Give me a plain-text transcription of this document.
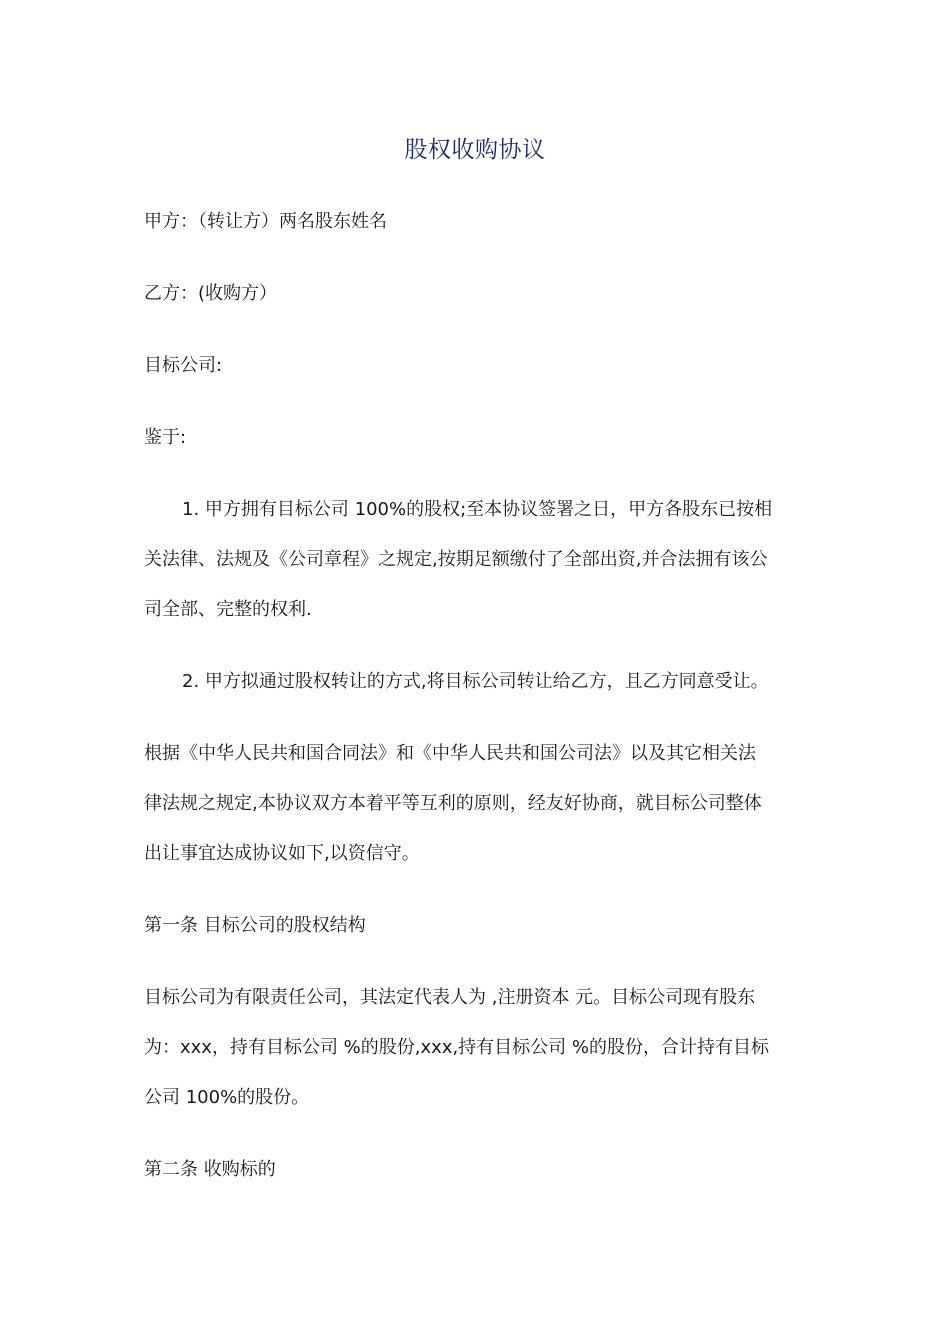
股权收购协议
甲方：（转让方）两名股东姓名
乙方：(收购方）
目标公司:
鉴于:
1. 甲方拥有目标公司 100%的股权;至本协议签署之日，甲方各股东已按相
关法律、法规及《公司章程》之规定,按期足额缴付了全部出资,并合法拥有该公
司全部、完整的权利.
2. 甲方拟通过股权转让的方式,将目标公司转让给乙方，且乙方同意受让。
根据《中华人民共和国合同法》和《中华人民共和国公司法》以及其它相关法
律法规之规定,本协议双方本着平等互利的原则，经友好协商，就目标公司整体
出让事宜达成协议如下,以资信守。
第一条 目标公司的股权结构
目标公司为有限责任公司，其法定代表人为 ,注册资本 元。目标公司现有股东
为：xxx，持有目标公司 %的股份,xxx,持有目标公司 %的股份，合计持有目标
公司 100%的股份。
第二条 收购标的
